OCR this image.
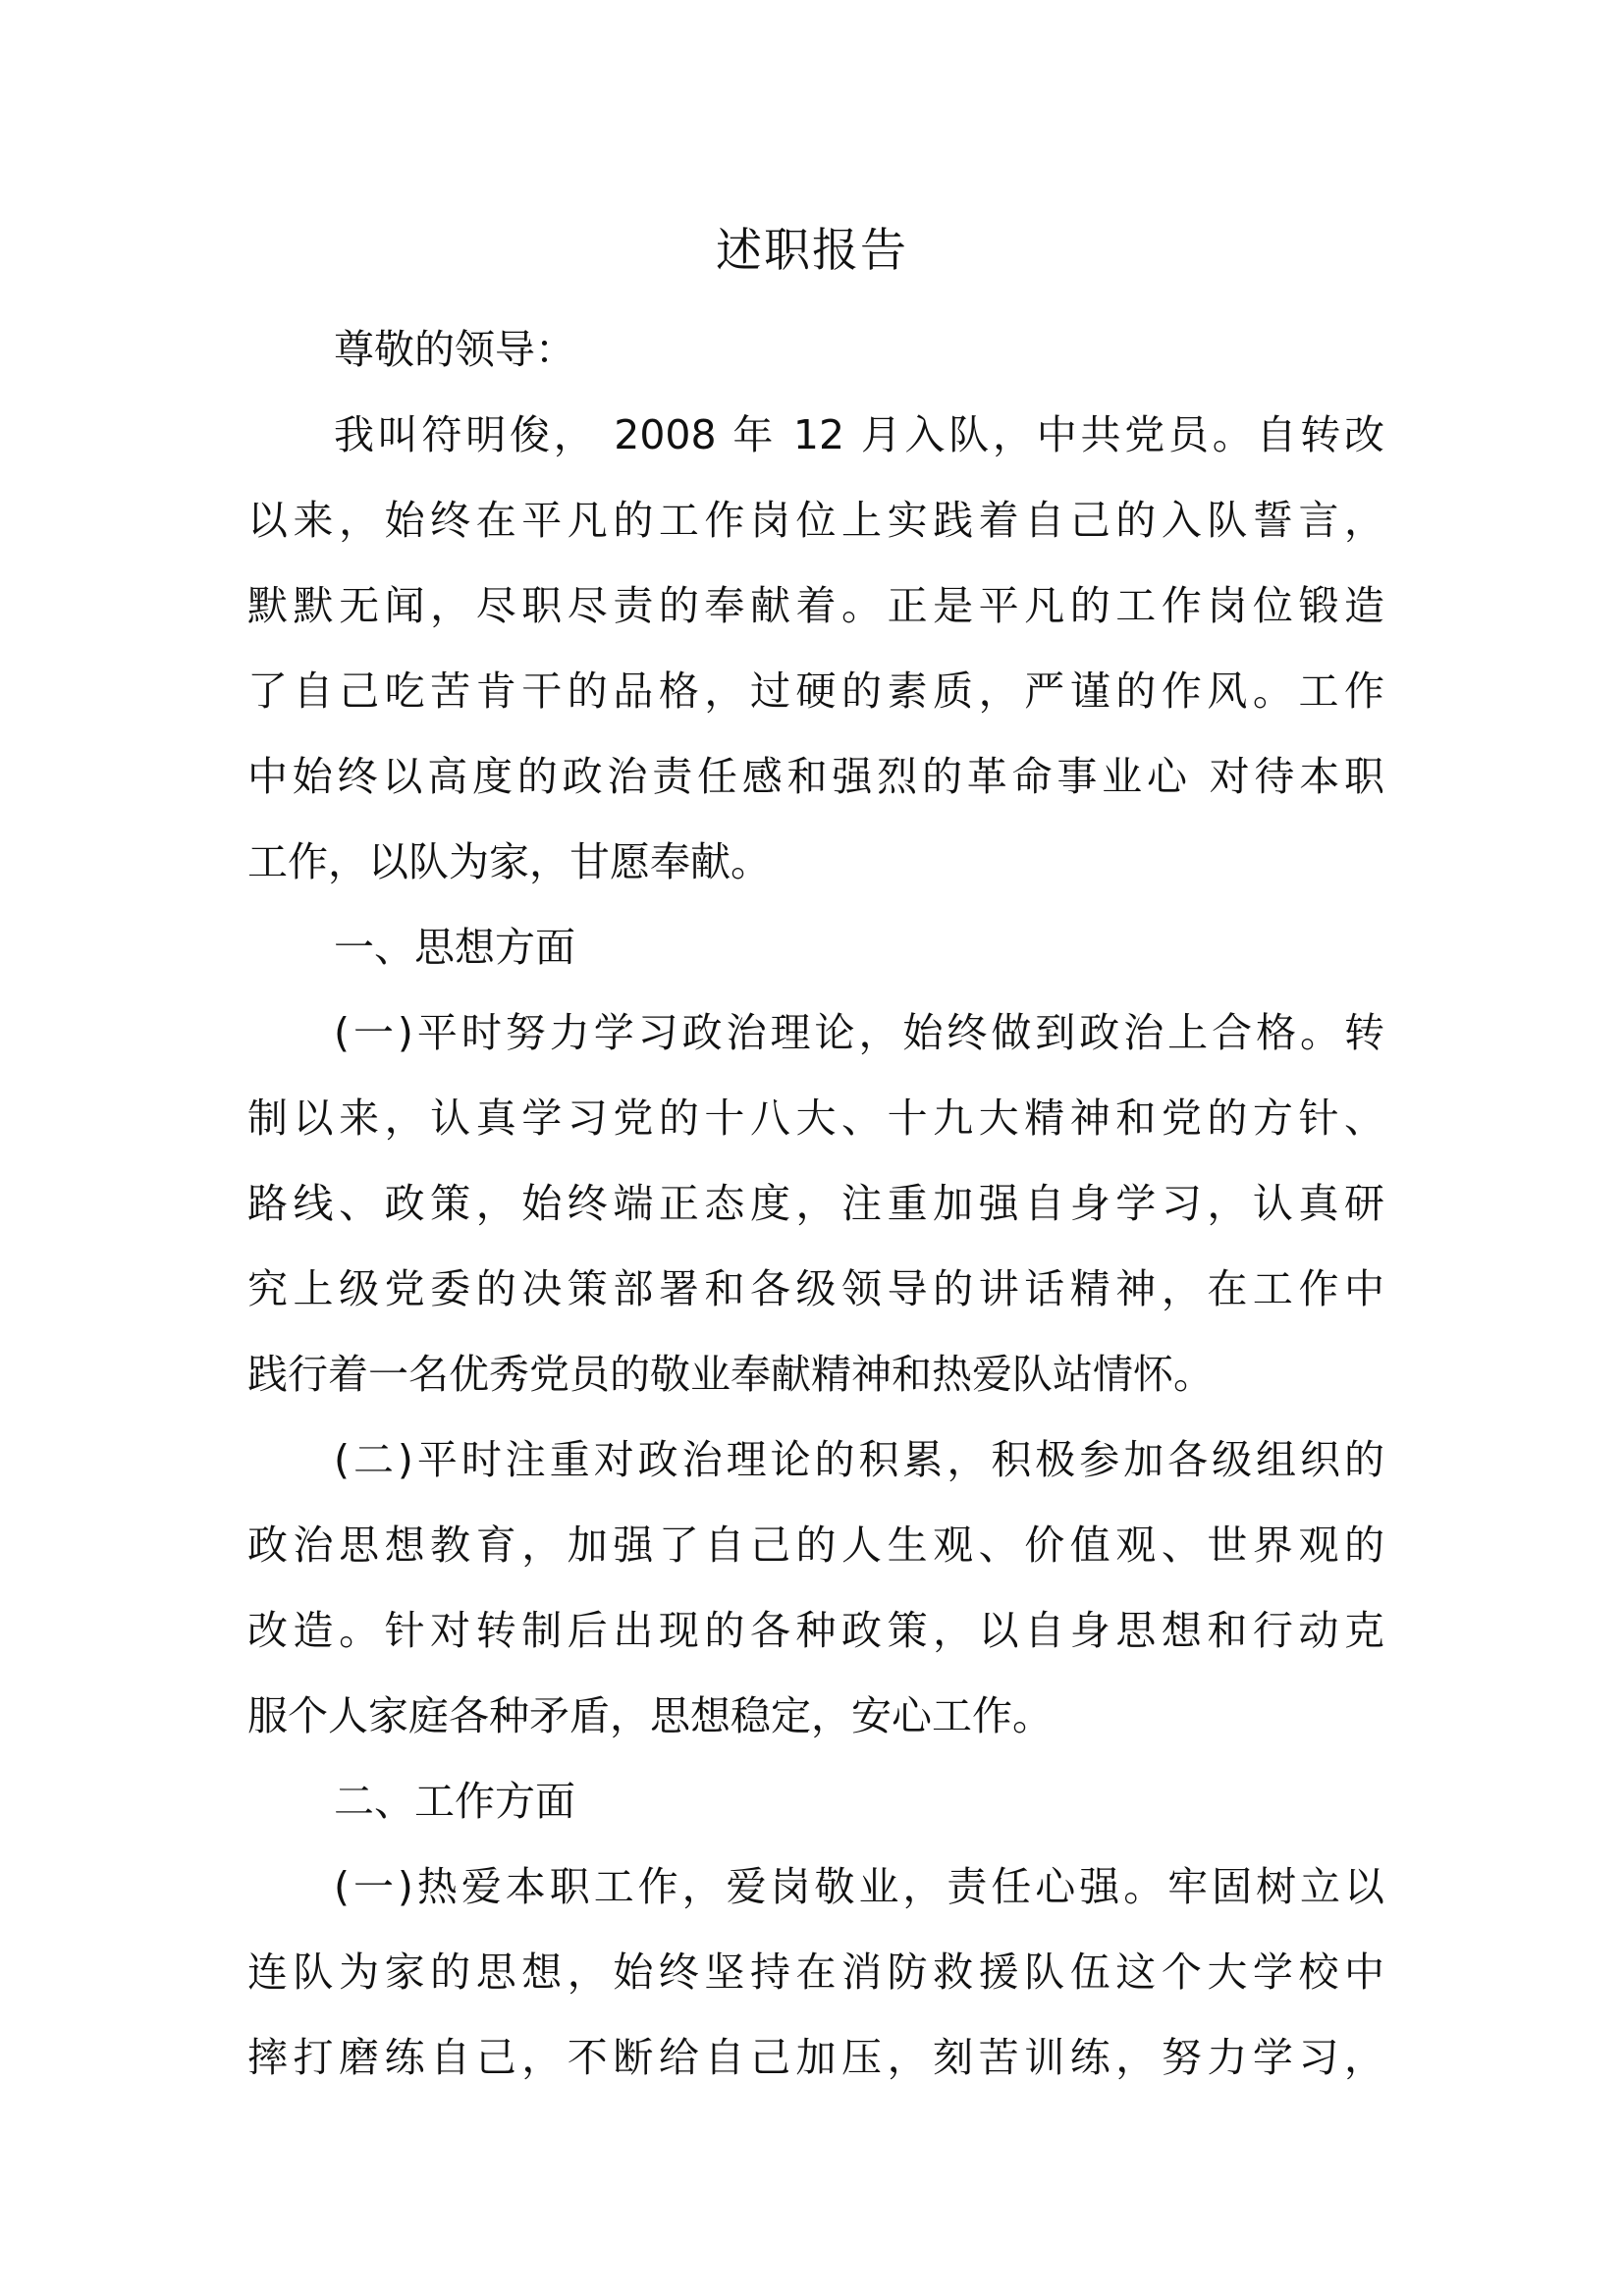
述职报告

尊敬的领导：

我叫符明俊， 2008 年 12 月入队，中共党员。自转改

以来，始终在平凡的工作岗位上实践着自己的入队誓言，

默默无闻，尽职尽责的奉献着。正是平凡的工作岗位锻造

了自己吃苦肯干的品格，过硬的素质，严谨的作风。工作

中始终以高度的政治责任感和强烈的革命事业心 对待本职

工作，以队为家，甘愿奉献。

一、思想方面

(一)平时努力学习政治理论，始终做到政治上合格。转

制以来，认真学习党的十八大、十九大精神和党的方针、

路线、政策，始终端正态度，注重加强自身学习，认真研

究上级党委的决策部署和各级领导的讲话精神，在工作中

践行着一名优秀党员的敬业奉献精神和热爱队站情怀。

(二)平时注重对政治理论的积累，积极参加各级组织的

政治思想教育，加强了自己的人生观、价值观、世界观的

改造。针对转制后出现的各种政策，以自身思想和行动克

服个人家庭各种矛盾，思想稳定，安心工作。

二、工作方面

(一)热爱本职工作，爱岗敬业，责任心强。牢固树立以

连队为家的思想，始终坚持在消防救援队伍这个大学校中

摔打磨练自己，不断给自己加压，刻苦训练，努力学习，
